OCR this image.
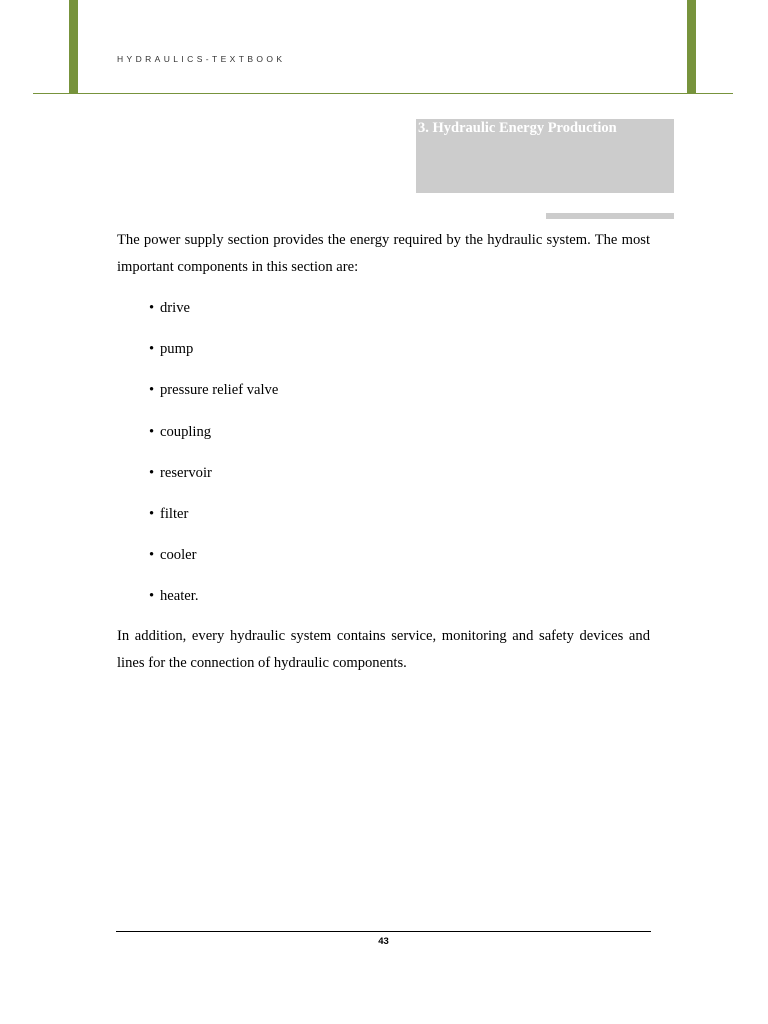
HYDRAULICS-TEXTBOOK
3. Hydraulic Energy Production

The power supply section provides the energy required by the hydraulic system. The most important components in this section are:

• drive
• pump
• pressure relief valve
• coupling
• reservoir
• filter
• cooler
• heater.

In addition, every hydraulic system contains service, monitoring and safety devices and lines for the connection of hydraulic components.

43
